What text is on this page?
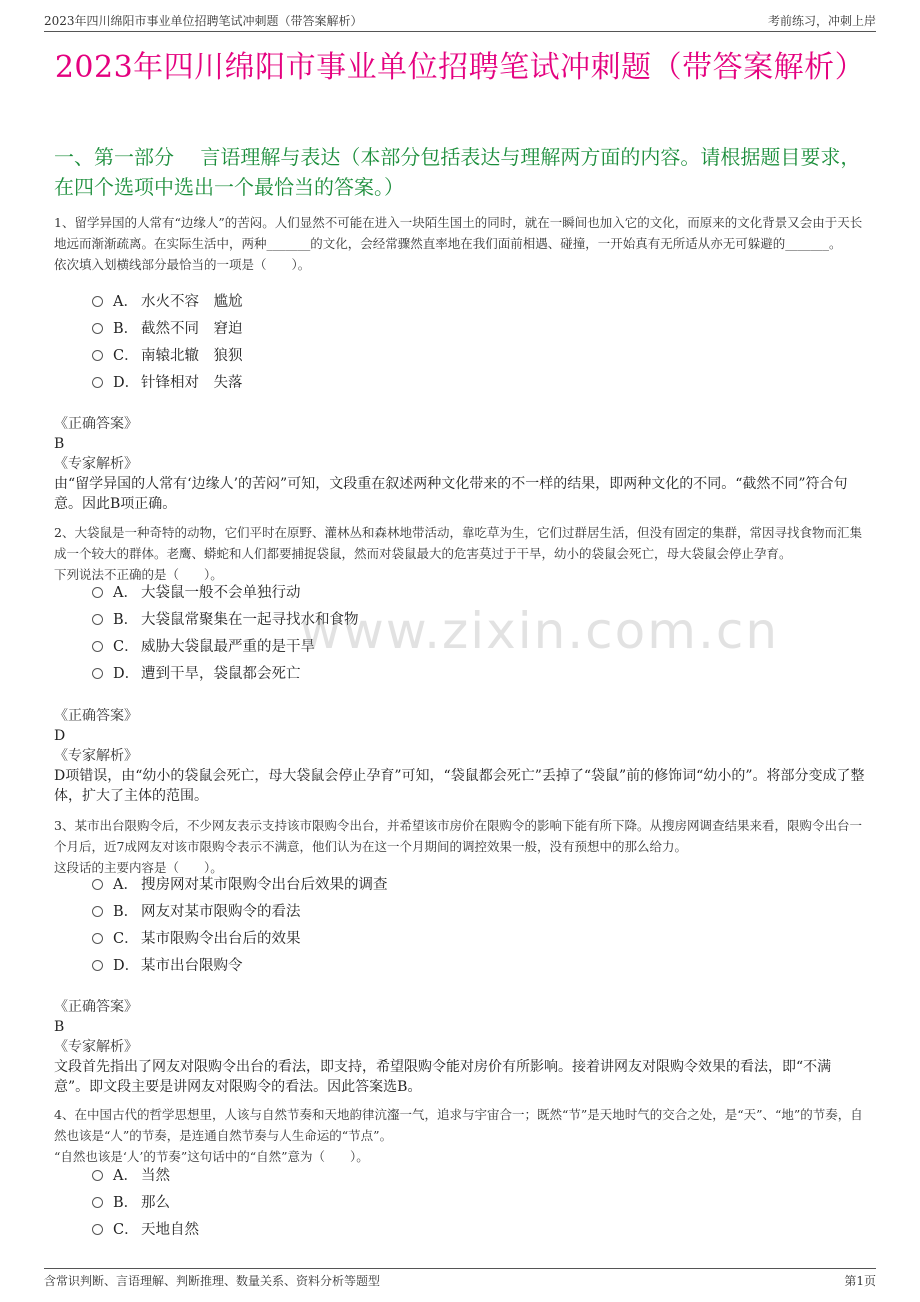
2023年四川绵阳市事业单位招聘笔试冲刺题（带答案解析）	考前练习，冲刺上岸
2023年四川绵阳市事业单位招聘笔试冲刺题（带答案解析）
一、第一部分　 言语理解与表达（本部分包括表达与理解两方面的内容。请根据题目要求，在四个选项中选出一个最恰当的答案。）

1、留学异国的人常有“边缘人”的苦闷。人们显然不可能在进入一块陌生国土的同时，就在一瞬间也加入它的文化，而原来的文化背景又会由于天长地远而渐渐疏离。在实际生活中，两种_______的文化，会经常骤然直率地在我们面前相遇、碰撞，一开始真有无所适从亦无可躲避的_______。

依次填入划横线部分最恰当的一项是（　　）。

A． 水火不容　尴尬
B． 截然不同　窘迫
C． 南辕北辙　狼狈
D． 针锋相对　失落

《正确答案》

B

《专家解析》

由“留学异国的人常有‘边缘人’的苦闷”可知，文段重在叙述两种文化带来的不一样的结果，即两种文化的不同。“截然不同”符合句意。因此B项正确。

2、大袋鼠是一种奇特的动物，它们平时在原野、灌林丛和森林地带活动，靠吃草为生，它们过群居生活，但没有固定的集群，常因寻找食物而汇集成一个较大的群体。老鹰、蟒蛇和人们都要捕捉袋鼠，然而对袋鼠最大的危害莫过于干旱，幼小的袋鼠会死亡，母大袋鼠会停止孕育。

下列说法不正确的是（　　）。

A． 大袋鼠一般不会单独行动
B． 大袋鼠常聚集在一起寻找水和食物
C． 威胁大袋鼠最严重的是干旱
D． 遭到干旱，袋鼠都会死亡

《正确答案》

D

《专家解析》

D项错误，由“幼小的袋鼠会死亡，母大袋鼠会停止孕育”可知，“袋鼠都会死亡”丢掉了“袋鼠”前的修饰词“幼小的”。将部分变成了整体，扩大了主体的范围。

3、某市出台限购令后，不少网友表示支持该市限购令出台，并希望该市房价在限购令的影响下能有所下降。从搜房网调查结果来看，限购令出台一个月后，近7成网友对该市限购令表示不满意，他们认为在这一个月期间的调控效果一般，没有预想中的那么给力。

这段话的主要内容是（　　）。

A． 搜房网对某市限购令出台后效果的调查
B． 网友对某市限购令的看法
C． 某市限购令出台后的效果
D． 某市出台限购令

《正确答案》

B

《专家解析》

文段首先指出了网友对限购令出台的看法，即支持，希望限购令能对房价有所影响。接着讲网友对限购令效果的看法，即“不满意”。即文段主要是讲网友对限购令的看法。因此答案选B。

4、在中国古代的哲学思想里，人该与自然节奏和天地韵律沆瀣一气，追求与宇宙合一；既然“节”是天地时气的交合之处，是“天”、“地”的节奏，自然也该是“人”的节奏，是连通自然节奏与人生命运的“节点”。

“自然也该是‘人’的节奏”这句话中的“自然”意为（　　）。

A． 当然
B． 那么
C． 天地自然
www.zixin.com.cn
含常识判断、言语理解、判断推理、数量关系、资料分析等题型	第1页
